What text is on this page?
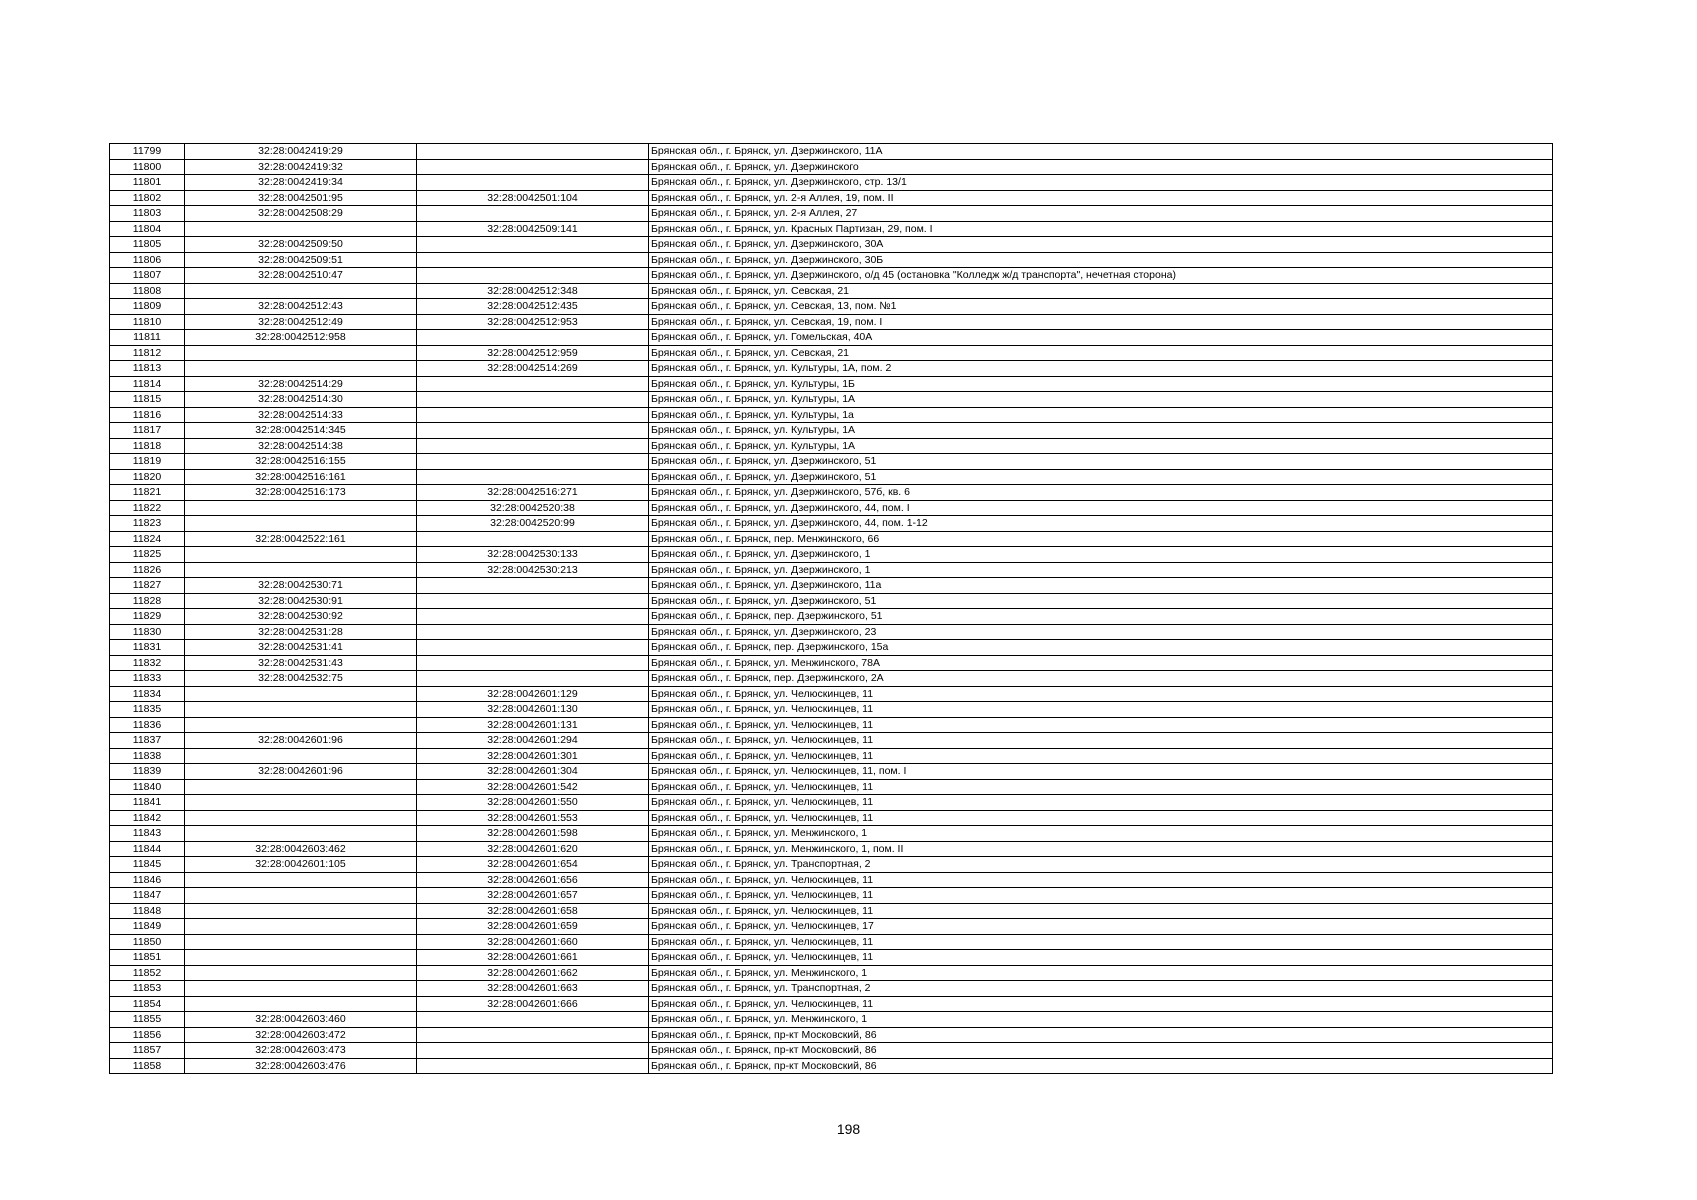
11799	32:28:0042419:29		Брянская обл., г. Брянск, ул. Дзержинского, 11А
11800	32:28:0042419:32		Брянская обл., г. Брянск, ул. Дзержинского
11801	32:28:0042419:34		Брянская обл., г. Брянск, ул. Дзержинского, стр. 13/1
11802	32:28:0042501:95	32:28:0042501:104	Брянская обл., г. Брянск, ул. 2-я Аллея, 19, пом. II
11803	32:28:0042508:29		Брянская обл., г. Брянск, ул. 2-я Аллея, 27
11804		32:28:0042509:141	Брянская обл., г. Брянск, ул. Красных Партизан, 29, пом. I
11805	32:28:0042509:50		Брянская обл., г. Брянск, ул. Дзержинского, 30А
11806	32:28:0042509:51		Брянская обл., г. Брянск, ул. Дзержинского, 30Б
11807	32:28:0042510:47		Брянская обл., г. Брянск, ул. Дзержинского, о/д 45 (остановка "Колледж ж/д транспорта", нечетная сторона)
11808		32:28:0042512:348	Брянская обл., г. Брянск, ул. Севская, 21
11809	32:28:0042512:43	32:28:0042512:435	Брянская обл., г. Брянск, ул. Севская, 13, пом. №1
11810	32:28:0042512:49	32:28:0042512:953	Брянская обл., г. Брянск, ул. Севская, 19, пом. I
11811	32:28:0042512:958		Брянская обл., г. Брянск, ул. Гомельская, 40А
11812		32:28:0042512:959	Брянская обл., г. Брянск, ул. Севская, 21
11813		32:28:0042514:269	Брянская обл., г. Брянск, ул. Культуры, 1А, пом. 2
11814	32:28:0042514:29		Брянская обл., г. Брянск, ул. Культуры, 1Б
11815	32:28:0042514:30		Брянская обл., г. Брянск, ул. Культуры, 1А
11816	32:28:0042514:33		Брянская обл., г. Брянск, ул. Культуры, 1а
11817	32:28:0042514:345		Брянская обл., г. Брянск, ул. Культуры, 1А
11818	32:28:0042514:38		Брянская обл., г. Брянск, ул. Культуры, 1А
11819	32:28:0042516:155		Брянская обл., г. Брянск, ул. Дзержинского, 51
11820	32:28:0042516:161		Брянская обл., г. Брянск, ул. Дзержинского, 51
11821	32:28:0042516:173	32:28:0042516:271	Брянская обл., г. Брянск, ул. Дзержинского, 57б, кв. 6
11822		32:28:0042520:38	Брянская обл., г. Брянск, ул. Дзержинского, 44, пом. I
11823		32:28:0042520:99	Брянская обл., г. Брянск, ул. Дзержинского, 44, пом. 1-12
11824	32:28:0042522:161		Брянская обл., г. Брянск, пер. Менжинского, 66
11825		32:28:0042530:133	Брянская обл., г. Брянск, ул. Дзержинского, 1
11826		32:28:0042530:213	Брянская обл., г. Брянск, ул. Дзержинского, 1
11827	32:28:0042530:71		Брянская обл., г. Брянск, ул. Дзержинского, 11а
11828	32:28:0042530:91		Брянская обл., г. Брянск, ул. Дзержинского, 51
11829	32:28:0042530:92		Брянская обл., г. Брянск, пер. Дзержинского, 51
11830	32:28:0042531:28		Брянская обл., г. Брянск, ул. Дзержинского, 23
11831	32:28:0042531:41		Брянская обл., г. Брянск, пер. Дзержинского, 15а
11832	32:28:0042531:43		Брянская обл., г. Брянск, ул. Менжинского, 78А
11833	32:28:0042532:75		Брянская обл., г. Брянск, пер. Дзержинского, 2А
11834		32:28:0042601:129	Брянская обл., г. Брянск, ул. Челюскинцев, 11
11835		32:28:0042601:130	Брянская обл., г. Брянск, ул. Челюскинцев, 11
11836		32:28:0042601:131	Брянская обл., г. Брянск, ул. Челюскинцев, 11
11837	32:28:0042601:96	32:28:0042601:294	Брянская обл., г. Брянск, ул. Челюскинцев, 11
11838		32:28:0042601:301	Брянская обл., г. Брянск, ул. Челюскинцев, 11
11839	32:28:0042601:96	32:28:0042601:304	Брянская обл., г. Брянск, ул. Челюскинцев, 11, пом. I
11840		32:28:0042601:542	Брянская обл., г. Брянск, ул. Челюскинцев, 11
11841		32:28:0042601:550	Брянская обл., г. Брянск, ул. Челюскинцев, 11
11842		32:28:0042601:553	Брянская обл., г. Брянск, ул. Челюскинцев, 11
11843		32:28:0042601:598	Брянская обл., г. Брянск, ул. Менжинского, 1
11844	32:28:0042603:462	32:28:0042601:620	Брянская обл., г. Брянск, ул. Менжинского, 1, пом. II
11845	32:28:0042601:105	32:28:0042601:654	Брянская обл., г. Брянск, ул. Транспортная, 2
11846		32:28:0042601:656	Брянская обл., г. Брянск, ул. Челюскинцев, 11
11847		32:28:0042601:657	Брянская обл., г. Брянск, ул. Челюскинцев, 11
11848		32:28:0042601:658	Брянская обл., г. Брянск, ул. Челюскинцев, 11
11849		32:28:0042601:659	Брянская обл., г. Брянск, ул. Челюскинцев, 17
11850		32:28:0042601:660	Брянская обл., г. Брянск, ул. Челюскинцев, 11
11851		32:28:0042601:661	Брянская обл., г. Брянск, ул. Челюскинцев, 11
11852		32:28:0042601:662	Брянская обл., г. Брянск, ул. Менжинского, 1
11853		32:28:0042601:663	Брянская обл., г. Брянск, ул. Транспортная, 2
11854		32:28:0042601:666	Брянская обл., г. Брянск, ул. Челюскинцев, 11
11855	32:28:0042603:460		Брянская обл., г. Брянск, ул. Менжинского, 1
11856	32:28:0042603:472		Брянская обл., г. Брянск, пр-кт Московский, 86
11857	32:28:0042603:473		Брянская обл., г. Брянск, пр-кт Московский, 86
11858	32:28:0042603:476		Брянская обл., г. Брянск, пр-кт Московский, 86
198
